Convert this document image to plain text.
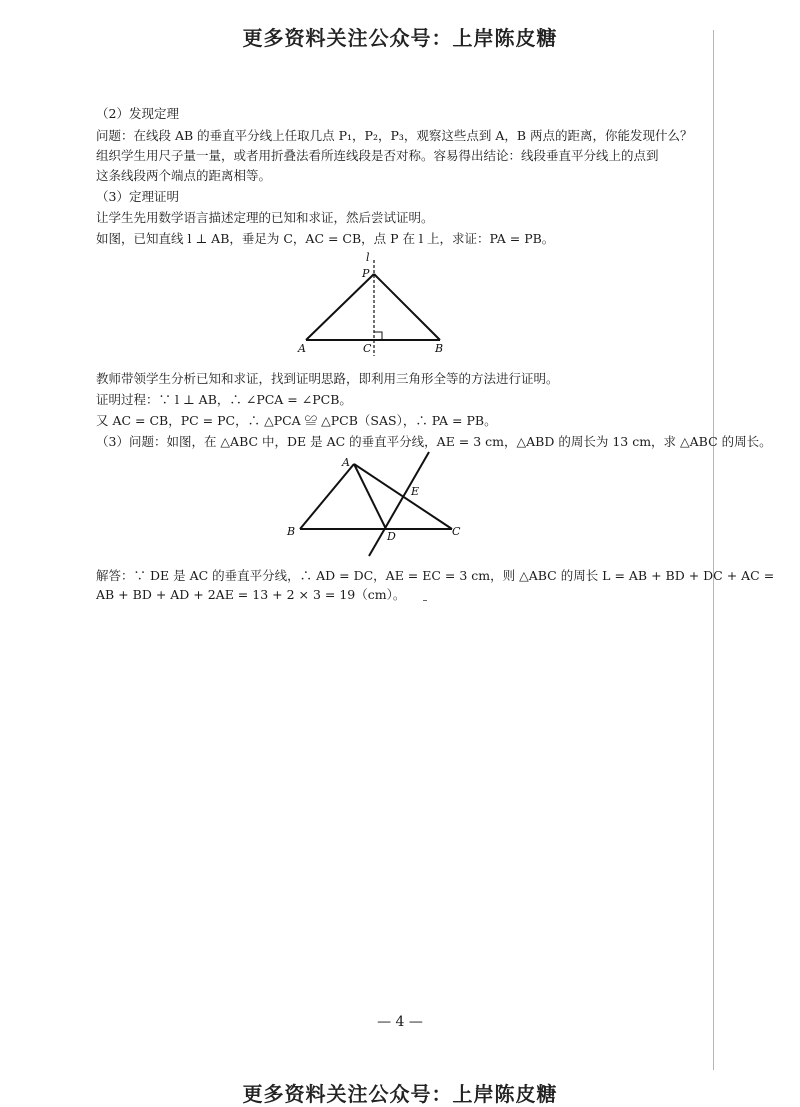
更多资料关注公众号：上岸陈皮糖
（2）发现定理
问题：在线段 AB 的垂直平分线上任取几点 P₁，P₂，P₃，观察这些点到 A，B 两点的距离，你能发现什么？
组织学生用尺子量一量，或者用折叠法看所连线段是否对称。容易得出结论：线段垂直平分线上的点到
这条线段两个端点的距离相等。
（3）定理证明
让学生先用数学语言描述定理的已知和求证，然后尝试证明。
如图，已知直线 l ⊥ AB，垂足为 C，AC = CB，点 P 在 l 上，求证：PA = PB。
l
P
A	C	B
教师带领学生分析已知和求证，找到证明思路，即利用三角形全等的方法进行证明。
证明过程：∵ l ⊥ AB，∴ ∠PCA = ∠PCB。
又 AC = CB，PC = PC，∴ △PCA ≌ △PCB（SAS），∴ PA = PB。
（3）问题：如图，在 △ABC 中，DE 是 AC 的垂直平分线，AE = 3 cm，△ABD 的周长为 13 cm，求 △ABC 的周长。
A
E
B	D	C
解答：∵ DE 是 AC 的垂直平分线，∴ AD = DC，AE = EC = 3 cm，则 △ABC 的周长 L = AB + BD + DC + AC =
AB + BD + AD + 2AE = 13 + 2 × 3 = 19（cm）。
— 4 —
更多资料关注公众号：上岸陈皮糖
